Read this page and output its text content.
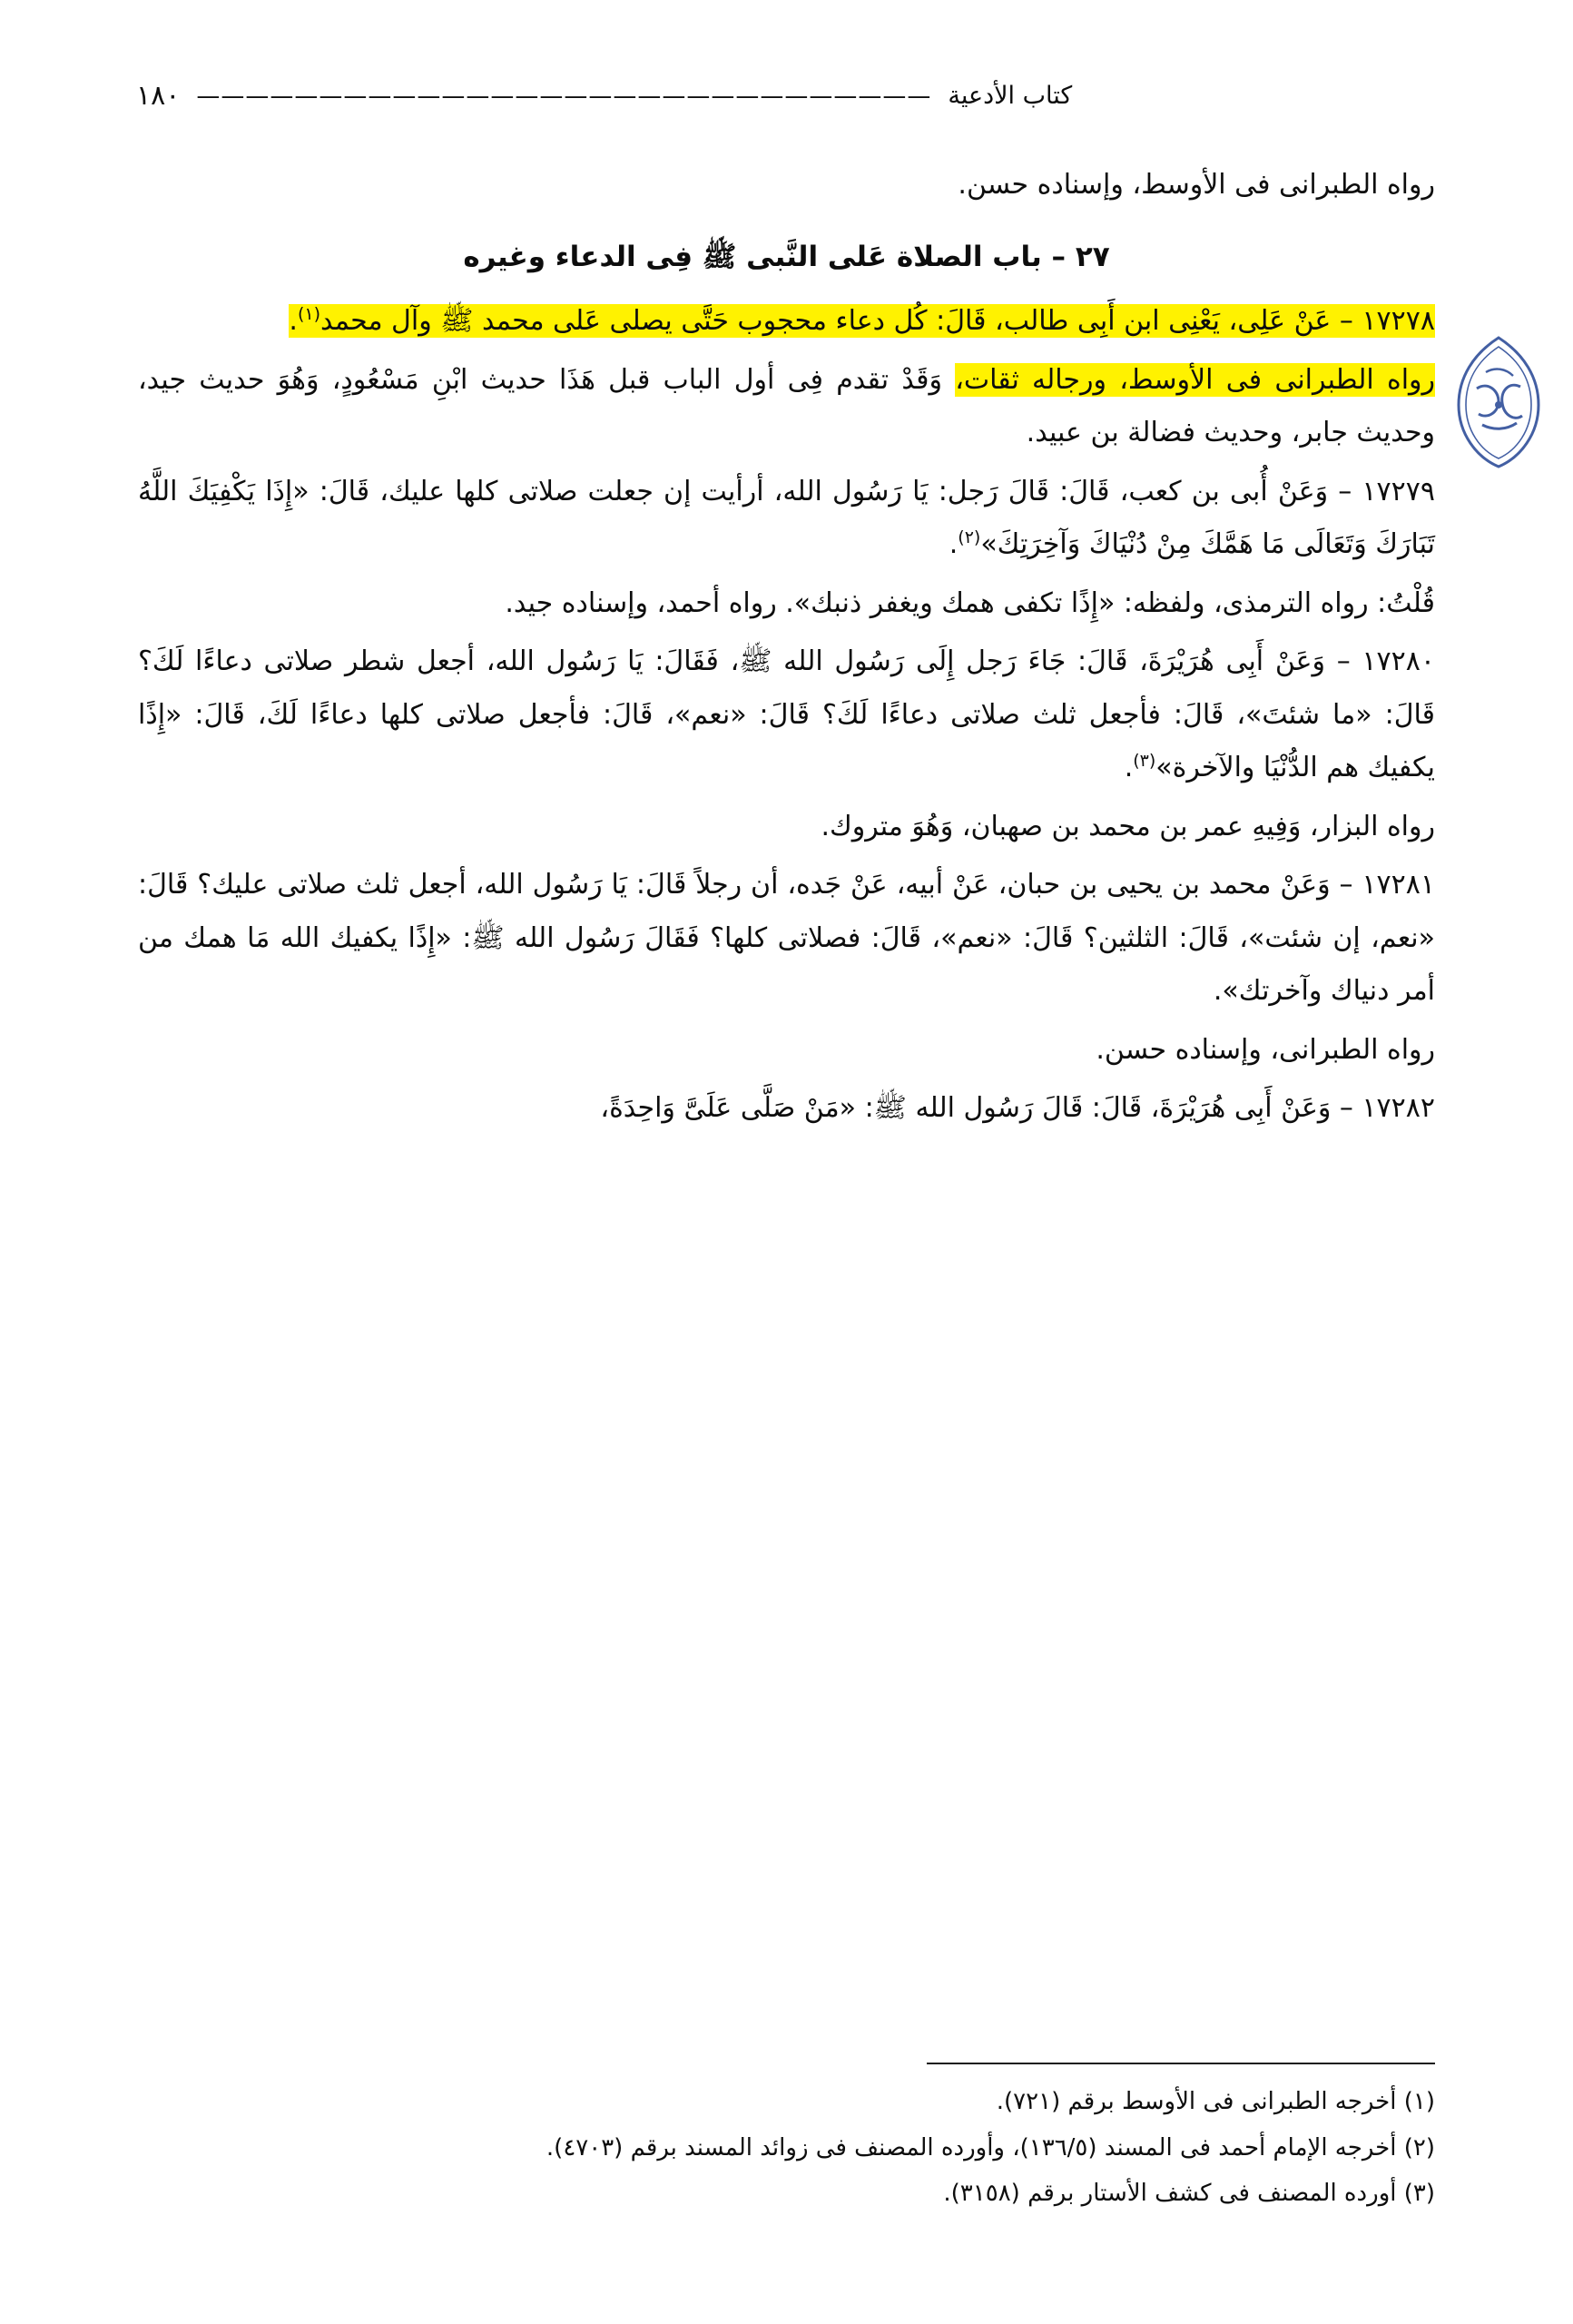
١٨٠ —————————————————————————————— كتاب الأدعية

رواه الطبرانى فى الأوسط، وإسناده حسن.

٢٧ – باب الصلاة عَلى النَّبى ﷺ فِى الدعاء وغيره

١٧٢٧٨ – عَنْ عَلِى، يَعْنِى ابن أَبِى طالب، قَالَ: كُل دعاء محجوب حَتَّى يصلى عَلى محمد ﷺ وآل محمد$^{(١)}$.

رواه الطبرانى فى الأوسط، ورجاله ثقات، وَقَدْ تقدم فِى أول الباب قبل هَذَا حديث ابْنِ مَسْعُودٍ، وَهُوَ حديث جيد، وحديث جابر، وحديث فضالة بن عبيد.

١٧٢٧٩ – وَعَنْ أُبى بن كعب، قَالَ: قَالَ رَجل: يَا رَسُول الله، أرأيت إن جعلت صلاتى كلها عليك، قَالَ: «إِذَا يَكْفِيَكَ اللَّهُ تَبَارَكَ وَتَعَالَى مَا هَمَّكَ مِنْ دُنْيَاكَ وَآخِرَتِكَ»$^{(٢)}$.

قُلْتُ: رواه الترمذى، ولفظه: «إِذًا تكفى همك ويغفر ذنبك». رواه أحمد، وإسناده جيد.

١٧٢٨٠ – وَعَنْ أَبِى هُرَيْرَةَ، قَالَ: جَاءَ رَجل إِلَى رَسُول الله ﷺ، فَقَالَ: يَا رَسُول الله، أجعل شطر صلاتى دعاءًا لَكَ؟ قَالَ: «ما شئتَ»، قَالَ: فأجعل ثلث صلاتى دعاءًا لَكَ؟ قَالَ: «نعم»، قَالَ: فأجعل صلاتى كلها دعاءًا لَكَ، قَالَ: «إِذًا يكفيك هم الدُّنْيَا والآخرة»$^{(٣)}$.

رواه البزار، وَفِيهِ عمر بن محمد بن صهبان، وَهُوَ متروك.

١٧٢٨١ – وَعَنْ محمد بن يحيى بن حبان، عَنْ أبيه، عَنْ جَده، أن رجلاً قَالَ: يَا رَسُول الله، أجعل ثلث صلاتى عليك؟ قَالَ: «نعم، إن شئت»، قَالَ: الثلثين؟ قَالَ: «نعم»، قَالَ: فصلاتى كلها؟ فَقَالَ رَسُول الله ﷺ: «إِذًا يكفيك الله مَا همك من أمر دنياك وآخرتك».

رواه الطبرانى، وإسناده حسن.

١٧٢٨٢ – وَعَنْ أَبِى هُرَيْرَةَ، قَالَ: قَالَ رَسُول الله ﷺ: «مَنْ صَلَّى عَلَىَّ وَاحِدَةً،

(١) أخرجه الطبرانى فى الأوسط برقم (٧٢١).

(٢) أخرجه الإمام أحمد فى المسند (١٣٦/٥)، وأورده المصنف فى زوائد المسند برقم (٤٧٠٣).

(٣) أورده المصنف فى كشف الأستار برقم (٣١٥٨).
